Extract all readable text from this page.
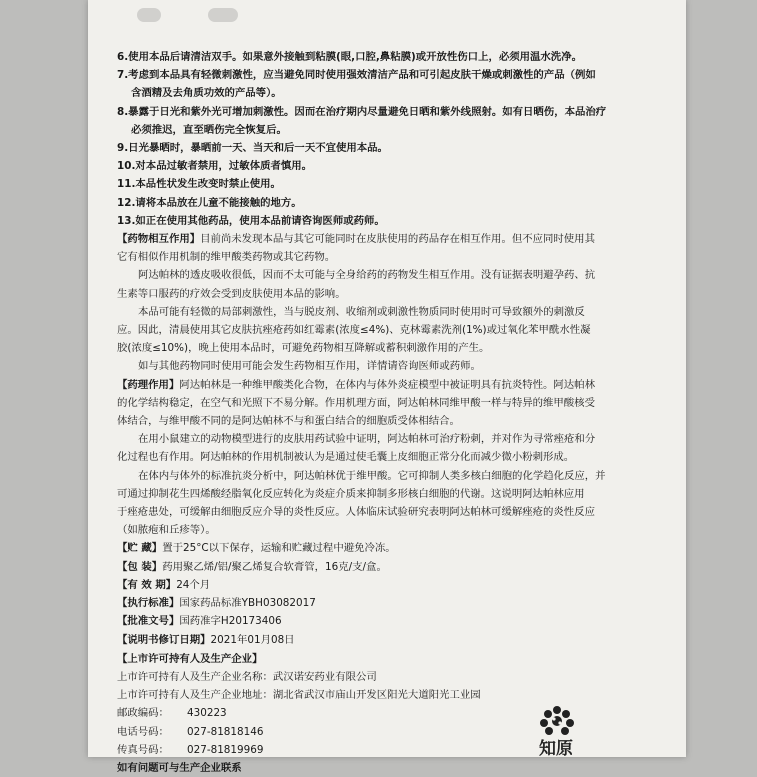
6.使用本品后请清洁双手。如果意外接触到粘膜(眼,口腔,鼻粘膜)或开放性伤口上，必须用温水洗净。
7.考虑到本品具有轻微刺激性，应当避免同时使用强效清洁产品和可引起皮肤干燥或刺激性的产品（例如
含酒精及去角质功效的产品等）。
8.暴露于日光和紫外光可增加刺激性。因而在治疗期内尽量避免日晒和紫外线照射。如有日晒伤，本品治疗
必须推迟，直至晒伤完全恢复后。
9.日光暴晒时，暴晒前一天、当天和后一天不宜使用本品。
10.对本品过敏者禁用，过敏体质者慎用。
11.本品性状发生改变时禁止使用。
12.请将本品放在儿童不能接触的地方。
13.如正在使用其他药品，使用本品前请咨询医师或药师。
【药物相互作用】目前尚未发现本品与其它可能同时在皮肤使用的药品存在相互作用。但不应同时使用其
它有相似作用机制的维甲酸类药物或其它药物。
阿达帕林的透皮吸收很低，因而不太可能与全身给药的药物发生相互作用。没有证据表明避孕药、抗
生素等口服药的疗效会受到皮肤使用本品的影响。
本品可能有轻微的局部刺激性，当与脱皮剂、收缩剂或刺激性物质同时使用时可导致额外的刺激反
应。因此，清晨使用其它皮肤抗痤疮药如红霉素(浓度≤4%)、克林霉素洗剂(1%)或过氧化苯甲酰水性凝
胶(浓度≤10%)，晚上使用本品时，可避免药物相互降解或蓄积刺激作用的产生。
如与其他药物同时使用可能会发生药物相互作用，详情请咨询医师或药师。
【药理作用】阿达帕林是一种维甲酸类化合物，在体内与体外炎症模型中被证明具有抗炎特性。阿达帕林
的化学结构稳定，在空气和光照下不易分解。作用机理方面，阿达帕林同维甲酸一样与特异的维甲酸核受
体结合，与维甲酸不同的是阿达帕林不与和蛋白结合的细胞质受体相结合。
在用小鼠建立的动物模型进行的皮肤用药试验中证明，阿达帕林可治疗粉刺，并对作为寻常痤疮和分
化过程也有作用。阿达帕林的作用机制被认为是通过使毛囊上皮细胞正常分化而减少微小粉刺形成。
在体内与体外的标准抗炎分析中，阿达帕林优于维甲酸。它可抑制人类多核白细胞的化学趋化反应，并
可通过抑制花生四烯酸经脂氧化反应转化为炎症介质来抑制多形核白细胞的代谢。这说明阿达帕林应用
于痤疮患处，可缓解由细胞反应介导的炎性反应。人体临床试验研究表明阿达帕林可缓解痤疮的炎性反应
（如脓疱和丘疹等）。
【贮 藏】 置于25°C以下保存，运输和贮藏过程中避免冷冻。
【包 装】 药用聚乙烯/铝/聚乙烯复合软膏管，16克/支/盒。
【有 效 期】 24个月
【执行标准】 国家药品标准YBH03082017
【批准文号】 国药准字H20173406
【说明书修订日期】 2021年01月08日
【上市许可持有人及生产企业】
上市许可持有人及生产企业名称：武汉诺安药业有限公司
上市许可持有人及生产企业地址：湖北省武汉市庙山开发区阳光大道阳光工业园
邮政编码：	430223
电话号码：	027-81818146
传真号码：	027-81819969
如有问题可与生产企业联系
知原
